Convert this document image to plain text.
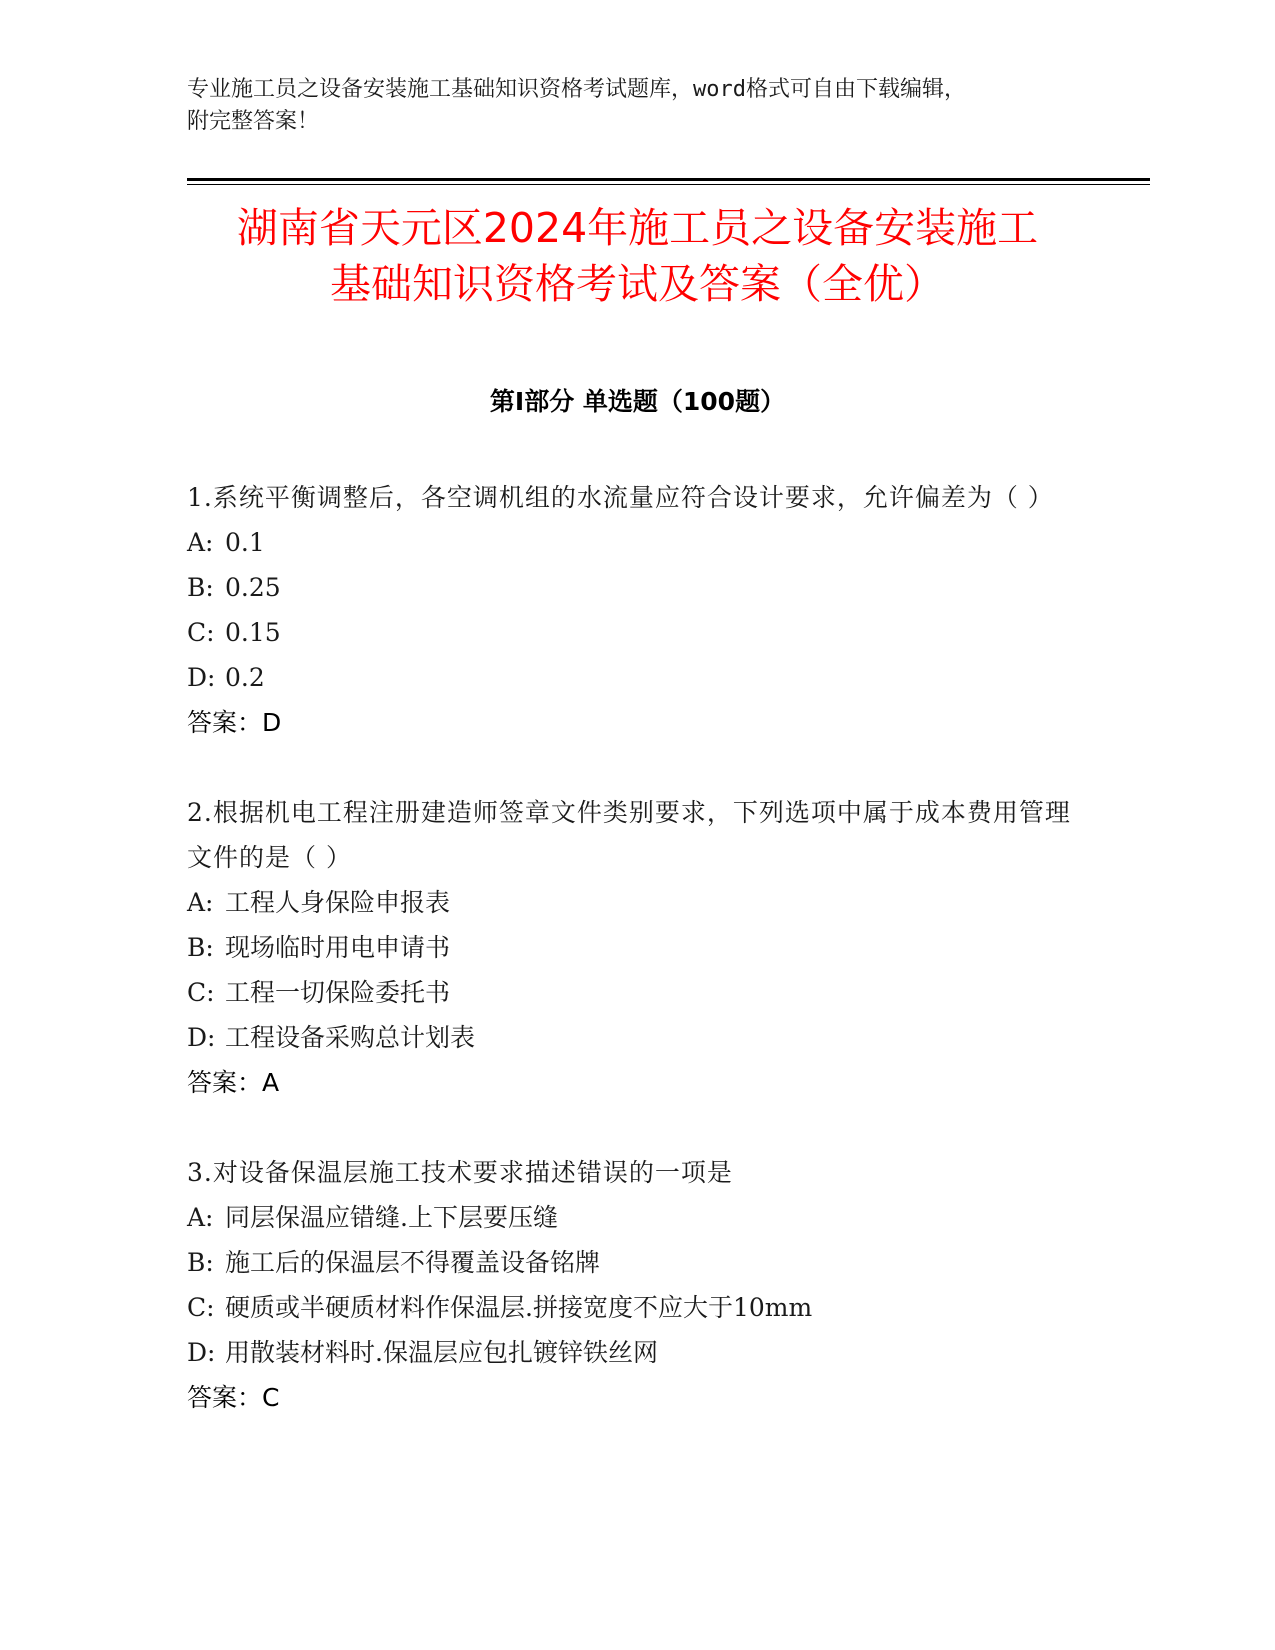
专业施工员之设备安装施工基础知识资格考试题库，word格式可自由下载编辑，
附完整答案！
湖南省天元区2024年施工员之设备安装施工
基础知识资格考试及答案（全优）
第Ⅰ部分 单选题（100题）

1.系统平衡调整后，各空调机组的水流量应符合设计要求，允许偏差为（ ）

A: 0.1
B: 0.25
C: 0.15
D: 0.2

答案：D

2.根据机电工程注册建造师签章文件类别要求，下列选项中属于成本费用管理文件的是（ ）

A: 工程人身保险申报表
B: 现场临时用电申请书
C: 工程一切保险委托书
D: 工程设备采购总计划表

答案：A

3.对设备保温层施工技术要求描述错误的一项是

A: 同层保温应错缝.上下层要压缝
B: 施工后的保温层不得覆盖设备铭牌
C: 硬质或半硬质材料作保温层.拼接宽度不应大于10mm
D: 用散装材料时.保温层应包扎镀锌铁丝网

答案：C
